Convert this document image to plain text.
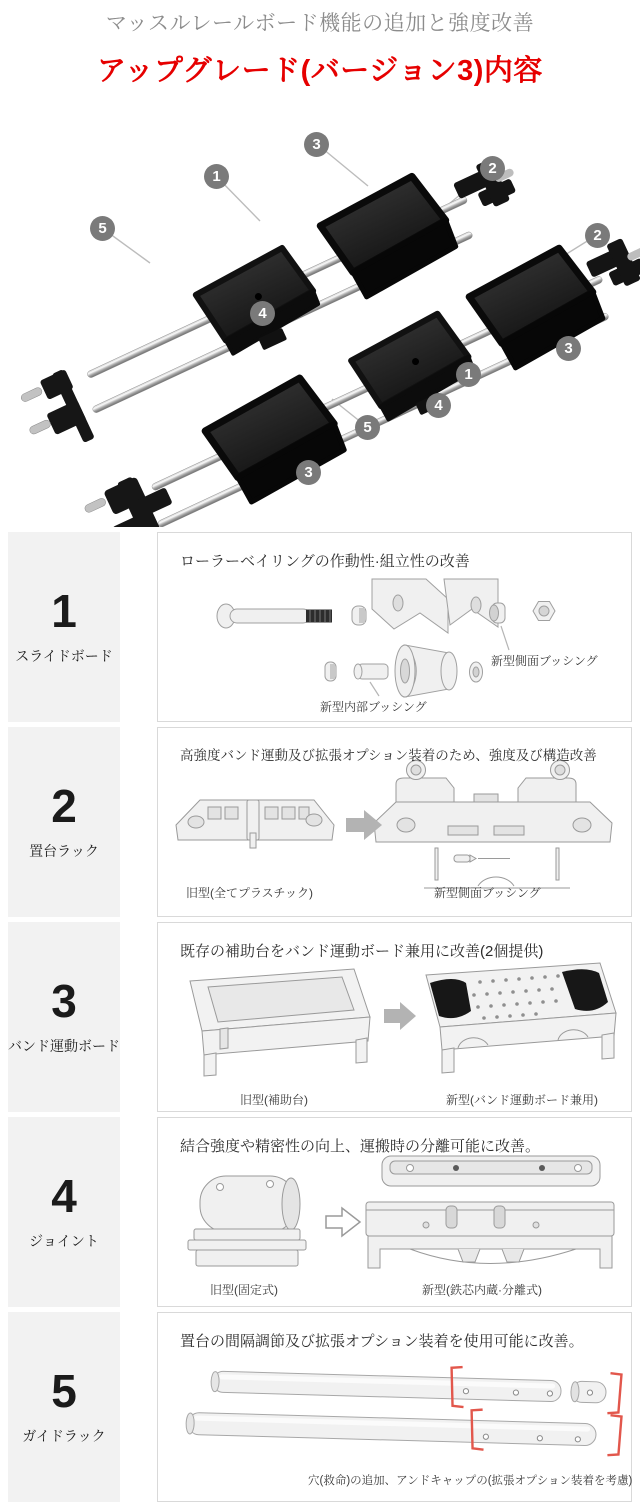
マッスルレールボード機能の追加と強度改善
アップグレード(バージョン3)内容
3
2
1
5	2
4
3
1
4
5
3
1
スライドボード
ローラーベイリングの作動性·組立性の改善
新型側面ブッシング
新型内部ブッシング
2
置台ラック
高強度バンド運動及び拡張オプション装着のため、強度及び構造改善
旧型(全てプラスチック)	新型側面ブッシング
3
バンド運動ボード
既存の補助台をバンド運動ボード兼用に改善(2個提供)
旧型(補助台)	新型(バンド運動ボード兼用)
4
ジョイント
結合強度や精密性の向上、運搬時の分離可能に改善。
旧型(固定式)	新型(鉄芯内蔵·分離式)
5
ガイドラック
置台の間隔調節及び拡張オプション装着を使用可能に改善。
穴(救命)の追加、アンドキャップの(拡張オプション装着を考慮)
